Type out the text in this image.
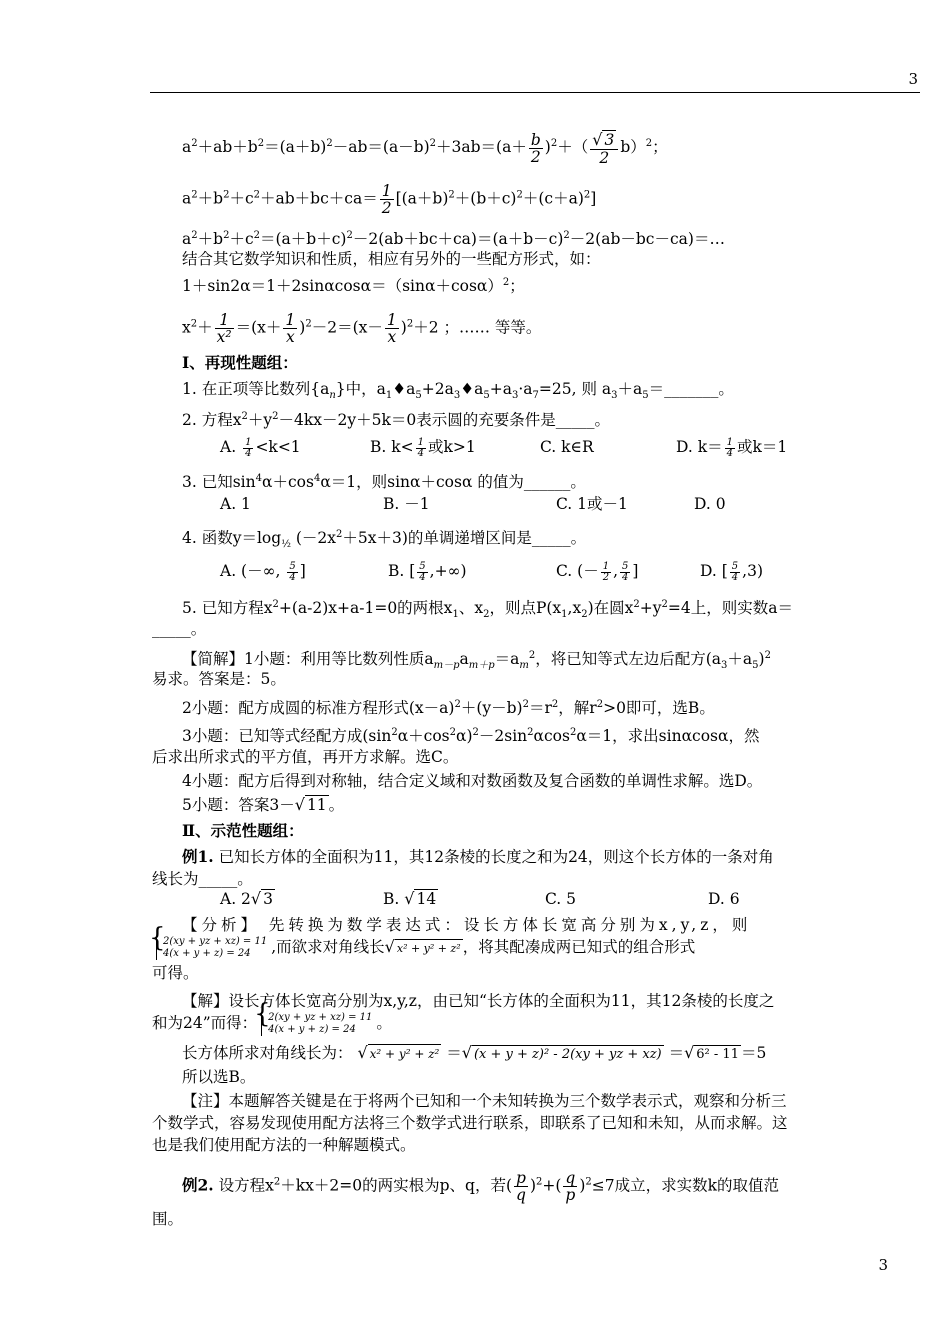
3
$a^2+ab+b^2=(a+b)^2-ab=(a-b)^2+3ab=(a+ \frac{b}{2} )^2+( \frac{√ 3}{2} b)^2$；
$a^2+b^2+c^2+ab+bc+ca= \frac{1}{2} [(a+b)^2+(b+c)^2+(c+a)^2]$
$a^2+b^2+c^2=(a+b+c)^2-2(ab+bc+ca)=(a+b-c)^2-2(ab-bc-ca)=\dots$
结合其它数学知识和性质，相应有另外的一些配方形式，如：
$1+\sin 2\alpha=1+2\sin\alpha\cos\alpha=(\sin\alpha+\cos\alpha)^2$；
$x^2+ \frac{1}{\text{x²}} =(x+ \frac{1}{x} )^2-2=(x- \frac{1}{x} )^2+2$ ；…… 等等。
Ⅰ、再现性题组：
1. 在正项等比数列$\{a_n\}$中，$a_1♦a_5+2a_3♦a_5+a_3\cdot a_7=25$, 则 $a_3+a_5=\_\_\_\_\_\_\_$。
2. 方程$x^2+y^2-4kx-2y+5k=0$表示圆的充要条件是_____。
A. $\frac{1}{4} <k<1$	B. $k< \frac{1}{4}$ 或k>1	C. k∈R	D. $k= \frac{1}{4}$ 或k＝1
3. 已知$\sin^4\alpha+\cos^4\alpha=1$，则sinα＋cosα 的值为______。
A. 1	B. －1	C. 1或－1	D. 0
4. 函数$y=\log_{\frac{1}{2}}$ $(-2x^2+5x+3)$的单调递增区间是_____。
A. (－∞, $\frac{5}{4}$ ]	B. [ $\frac{5}{4}$ ,+∞)	C. (－ $\frac{1}{2}$ , $\frac{5}{4}$ ]	D. [ $\frac{5}{4} ,3$)
5. 已知方程$x^2+(a-2)x+a-1=0$的两根$x_1$、$x_2$，则点$P(x_1,x_2)$在圆$x^2+y^2=4$上，则实数a＝
_____。
【简解】1小题：利用等比数列性质$a_{m-p}a_{m+p}=a_m^2$，将已知等式左边后配方$(a_3+a_5)^2$
易求。答案是：5。
2小题：配方成圆的标准方程形式$(x-a)^2+(y-b)^2=r^2$，解$r^2>0$即可，选B。
3小题：已知等式经配方成$(\sin^2\alpha+\cos^2\alpha)^2-2\sin^2\alpha\cos^2\alpha=1$，求出sinαcosα，然
后求出所求式的平方值，再开方求解。选C。
4小题：配方后得到对称轴，结合定义域和对数函数及复合函数的单调性求解。选D。
5小题：答案3－√ 11 。
Ⅱ、示范性题组：
例1. 已知长方体的全面积为11，其12条棱的长度之和为24，则这个长方体的一条对角
线长为_____。
A. 2√ 3	B. √ 14	C. 5	D. 6
【分析】 先转换为数学表达式：设长方体长宽高分别为x,y,z，则
{ 2(xy + yz + xz) = 11
4(x + y + z) = 24	,而欲求对角线长√ x² + y² + z² ，将其配凑成两已知式的组合形式
可得。
【解】设长方体长宽高分别为x,y,z，由已知“长方体的全面积为11，其12条棱的长度之
和为24”而得：
{ 2(xy + yz + xz) = 11
4(x + y + z) = 24	。
长方体所求对角线长为： √ x² + y² + z² ＝√ (x + y + z)² - 2(xy + yz + xz) ＝√ 6² - 11 ＝5
所以选B。
【注】本题解答关键是在于将两个已知和一个未知转换为三个数学表示式，观察和分析三
个数学式，容易发现使用配方法将三个数学式进行联系，即联系了已知和未知，从而求解。这
也是我们使用配方法的一种解题模式。
例2. 设方程$x^2+kx+2=0$的两实根为p、q，若( $\frac{p}{q} )^2+( \frac{q}{p} )^2\le 7$成立，求实数k的取值范
围。
3
